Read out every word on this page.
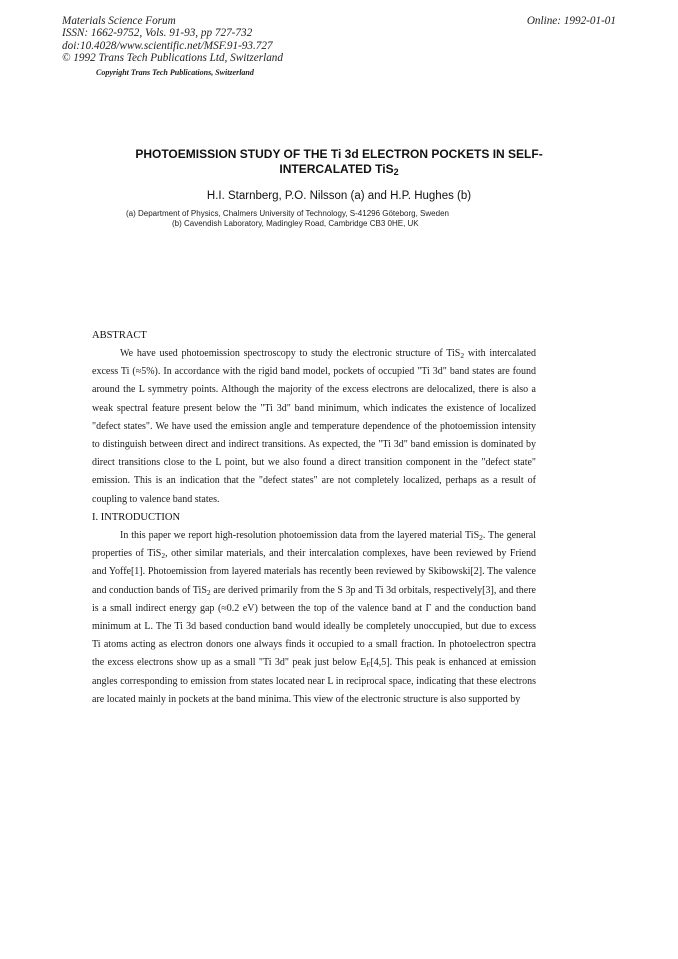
Materials Science Forum
ISSN: 1662-9752, Vols. 91-93, pp 727-732
doi:10.4028/www.scientific.net/MSF.91-93.727
© 1992 Trans Tech Publications Ltd, Switzerland
Online: 1992-01-01
Copyright Trans Tech Publications, Switzerland
PHOTOEMISSION STUDY OF THE Ti 3d ELECTRON POCKETS IN SELF-
INTERCALATED TiS$_2$
H.I. Starnberg, P.O. Nilsson (a) and H.P. Hughes (b)
(a) Department of Physics, Chalmers University of Technology, S-41296 Göteborg, Sweden
(b) Cavendish Laboratory, Madingley Road, Cambridge CB3 0HE, UK
ABSTRACT

We have used photoemission spectroscopy to study the electronic structure of TiS$_2$ with intercalated excess Ti (≈5%). In accordance with the rigid band model, pockets of occupied "Ti 3d" band states are found around the L symmetry points. Although the majority of the excess electrons are delocalized, there is also a weak spectral feature present below the "Ti 3d" band minimum, which indicates the existence of localized "defect states". We have used the emission angle and temperature dependence of the photoemission intensity to distinguish between direct and indirect transitions. As expected, the "Ti 3d" band emission is dominated by direct transitions close to the L point, but we also found a direct transition component in the "defect state" emission. This is an indication that the "defect states" are not completely localized, perhaps as a result of coupling to valence band states.

I. INTRODUCTION

In this paper we report high-resolution photoemission data from the layered material TiS$_2$. The general properties of TiS$_2$, other similar materials, and their intercalation complexes, have been reviewed by Friend and Yoffe[1]. Photoemission from layered materials has recently been reviewed by Skibowski[2]. The valence and conduction bands of TiS$_2$ are derived primarily from the S 3p and Ti 3d orbitals, respectively[3], and there is a small indirect energy gap (≈0.2 eV) between the top of the valence band at Γ and the conduction band minimum at L. The Ti 3d based conduction band would ideally be completely unoccupied, but due to excess Ti atoms acting as electron donors one always finds it occupied to a small fraction. In photoelectron spectra the excess electrons show up as a small "Ti 3d" peak just below $E_F[4,5]$. This peak is enhanced at emission angles corresponding to emission from states located near L in reciprocal space, indicating that these electrons are located mainly in pockets at the band minima. This view of the electronic structure is also supported by
